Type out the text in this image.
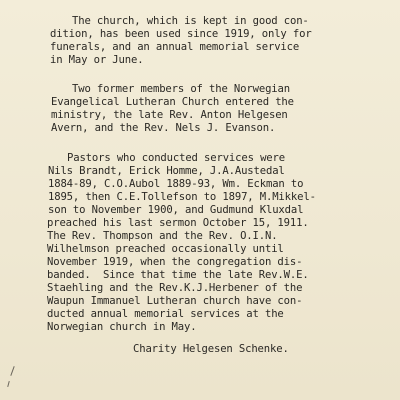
The church, which is kept in good con-
dition, has been used since 1919, only for
funerals, and an annual memorial service
in May or June.
Two former members of the Norwegian
Evangelical Lutheran Church entered the
ministry, the late Rev. Anton Helgesen
Avern, and the Rev. Nels J. Evanson.
Pastors who conducted services were
Nils Brandt, Erick Homme, J.A.Austedal
1884-89, C.O.Aubol 1889-93, Wm. Eckman to
1895, then C.E.Tollefson to 1897, M.Mikkel-
son to November 1900, and Gudmund Kluxdal
preached his last sermon October 15, 1911.
The Rev. Thompson and the Rev. O.I.N.
Wilhelmson preached occasionally until
November 1919, when the congregation dis-
banded.  Since that time the late Rev.W.E.
Staehling and the Rev.K.J.Herbener of the
Waupun Immanuel Lutheran church have con-
ducted annual memorial services at the
Norwegian church in May.
Charity Helgesen Schenke.
